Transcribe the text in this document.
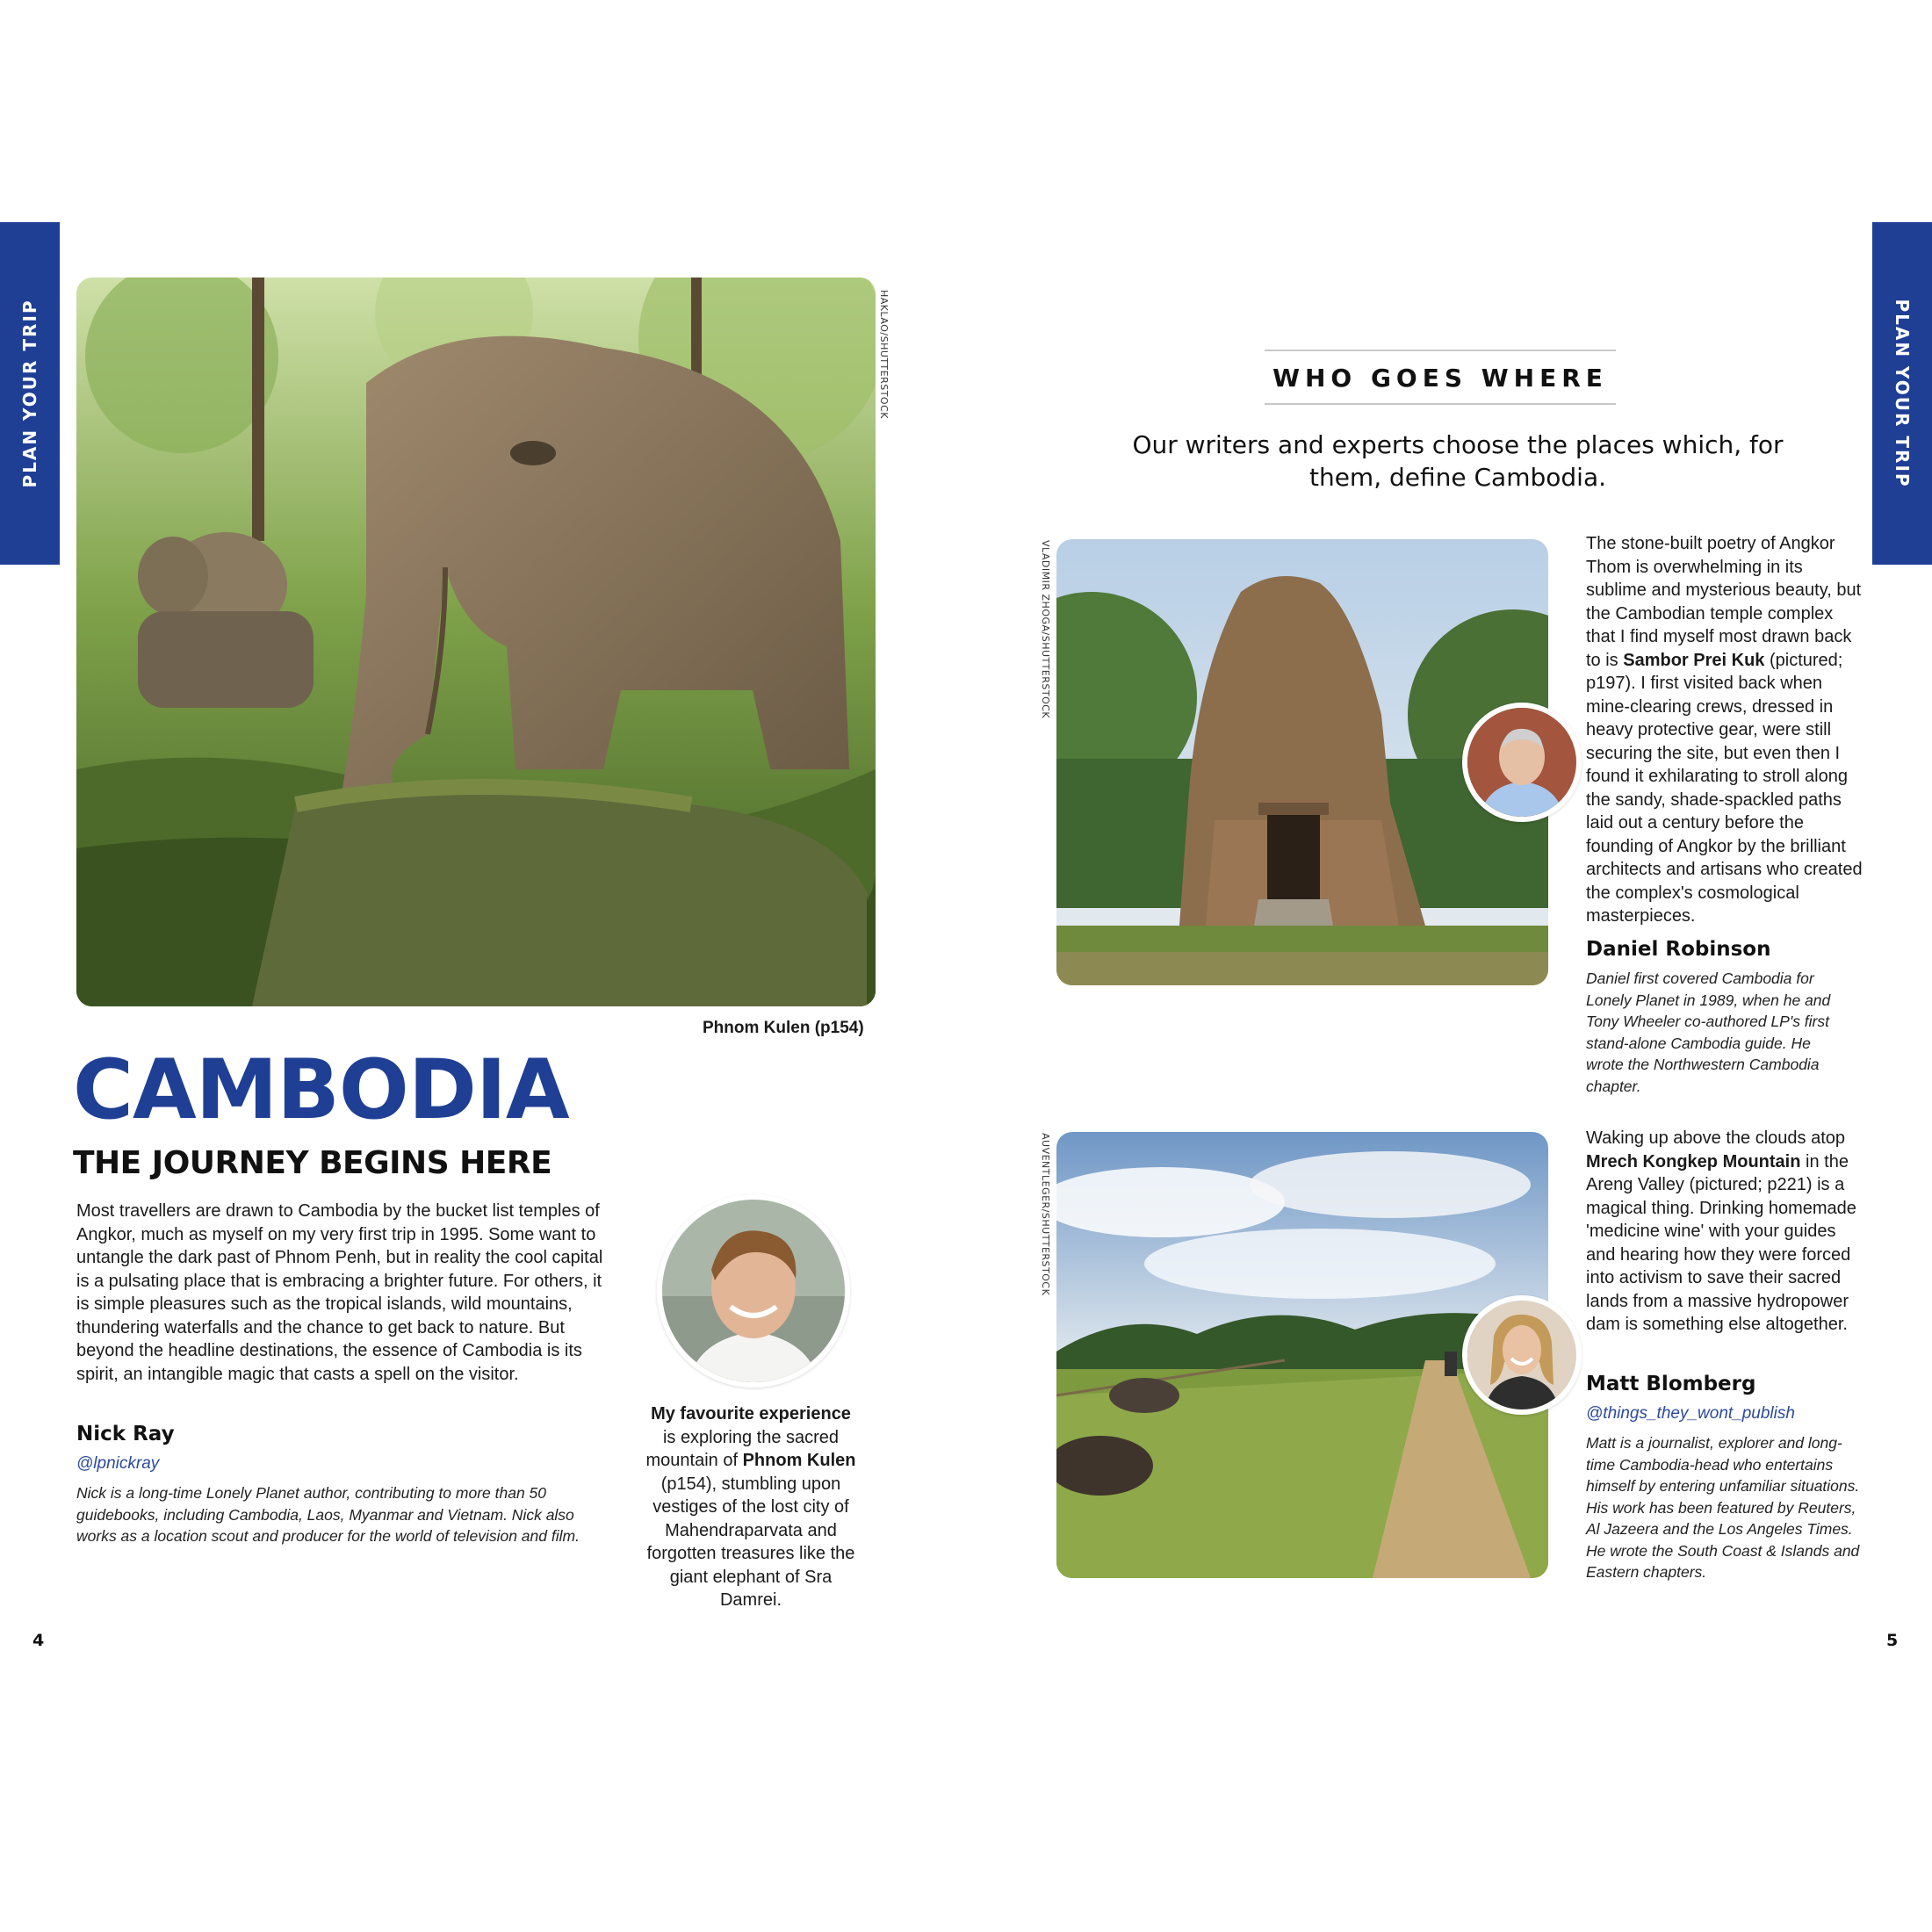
PLAN YOUR TRIP	PLAN YOUR TRIP
HAKLAO/SHUTTERSTOCK
Phnom Kulen (p154)
CAMBODIA
THE JOURNEY BEGINS HERE
Most travellers are drawn to Cambodia by the bucket list temples of Angkor, much as myself on my very first trip in 1995. Some want to untangle the dark past of Phnom Penh, but in reality the cool capital is a pulsating place that is embracing a brighter future. For others, it is simple pleasures such as the tropical islands, wild mountains, thundering waterfalls and the chance to get back to nature. But beyond the headline destinations, the essence of Cambodia is its spirit, an intangible magic that casts a spell on the visitor.
Nick Ray
@lpnickray
Nick is a long-time Lonely Planet author, contributing to more than 50 guidebooks, including Cambodia, Laos, Myanmar and Vietnam. Nick also works as a location scout and producer for the world of television and film.
My favourite experience is exploring the sacred mountain of Phnom Kulen (p154), stumbling upon vestiges of the lost city of Mahendraparvata and forgotten treasures like the giant elephant of Sra Damrei.
4
WHO GOES WHERE
Our writers and experts choose the places which, for them, define Cambodia.
VLADIMIR ZHOGA/SHUTTERSTOCK	The stone-built poetry of Angkor Thom is overwhelming in its sublime and mysterious beauty, but the Cambodian temple complex that I find myself most drawn back to is Sambor Prei Kuk (pictured; p197). I first visited back when mine-clearing crews, dressed in heavy protective gear, were still securing the site, but even then I found it exhilarating to stroll along the sandy, shade-spackled paths laid out a century before the founding of Angkor by the brilliant architects and artisans who created the complex's cosmological masterpieces.
Daniel Robinson
Daniel first covered Cambodia for Lonely Planet in 1989, when he and Tony Wheeler co-authored LP's first stand-alone Cambodia guide. He wrote the Northwestern Cambodia chapter.
AUVENTLEGER/SHUTTERSTOCK	Waking up above the clouds atop Mrech Kongkep Mountain in the Areng Valley (pictured; p221) is a magical thing. Drinking homemade 'medicine wine' with your guides and hearing how they were forced into activism to save their sacred lands from a massive hydropower dam is something else altogether.
Matt Blomberg
@things_they_wont_publish
Matt is a journalist, explorer and long-time Cambodia-head who entertains himself by entering unfamiliar situations. His work has been featured by Reuters, Al Jazeera and the Los Angeles Times. He wrote the South Coast & Islands and Eastern chapters.
5
